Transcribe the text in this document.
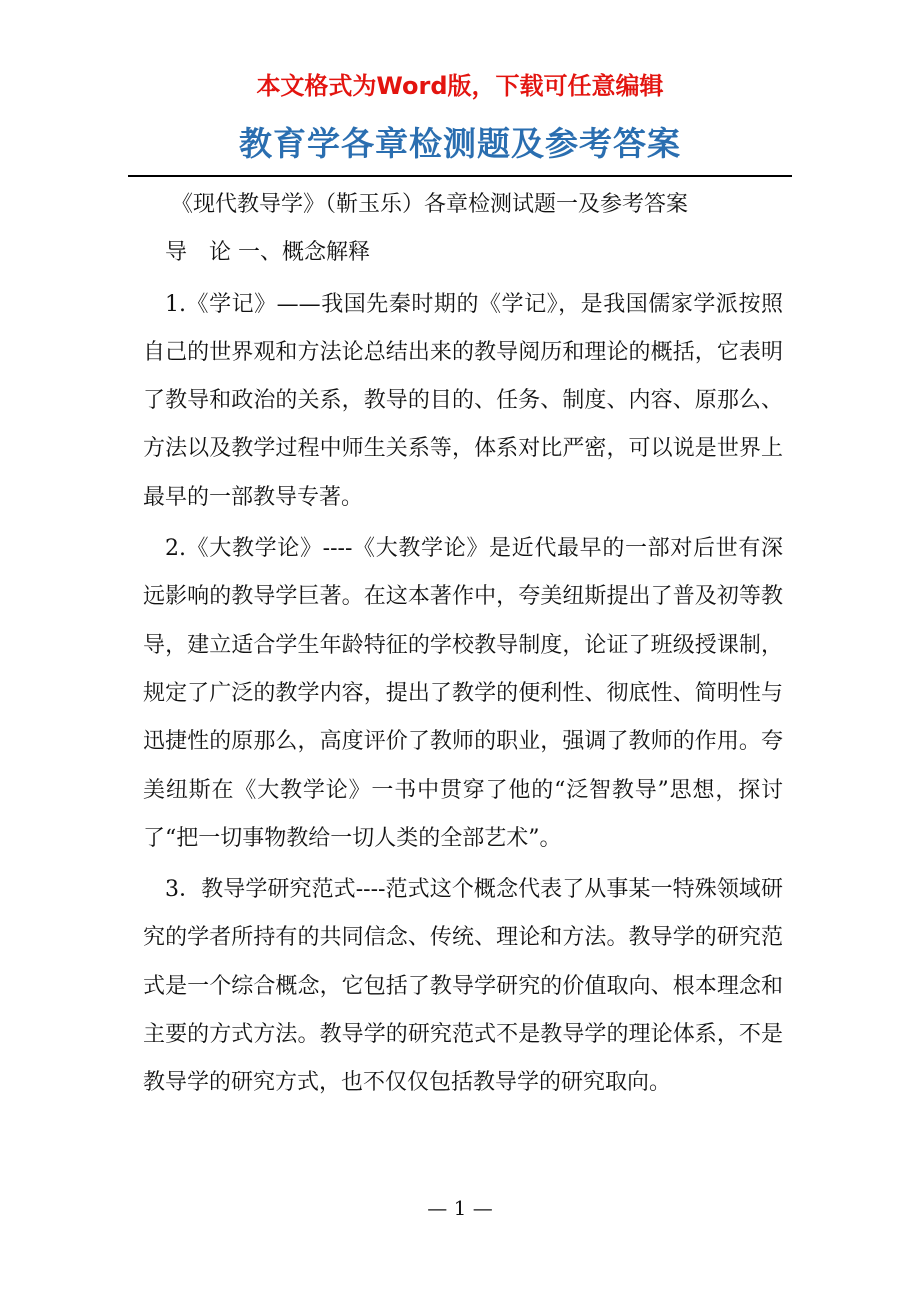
本文格式为Word版，下载可任意编辑
教育学各章检测题及参考答案

《现代教导学》（靳玉乐）各章检测试题一及参考答案

导　论 一、概念解释

1.《学记》——我国先秦时期的《学记》，是我国儒家学派按照自己的世界观和方法论总结出来的教导阅历和理论的概括，它表明了教导和政治的关系，教导的目的、任务、制度、内容、原那么、方法以及教学过程中师生关系等，体系对比严密，可以说是世界上最早的一部教导专著。

2.《大教学论》----《大教学论》是近代最早的一部对后世有深远影响的教导学巨著。在这本著作中，夸美纽斯提出了普及初等教导，建立适合学生年龄特征的学校教导制度，论证了班级授课制，规定了广泛的教学内容，提出了教学的便利性、彻底性、简明性与迅捷性的原那么，高度评价了教师的职业，强调了教师的作用。夸美纽斯在《大教学论》一书中贯穿了他的“泛智教导”思想，探讨了“把一切事物教给一切人类的全部艺术”。

3．教导学研究范式----范式这个概念代表了从事某一特殊领域研究的学者所持有的共同信念、传统、理论和方法。教导学的研究范式是一个综合概念，它包括了教导学研究的价值取向、根本理念和主要的方式方法。教导学的研究范式不是教导学的理论体系，不是教导学的研究方式，也不仅仅包括教导学的研究取向。

— 1 —
